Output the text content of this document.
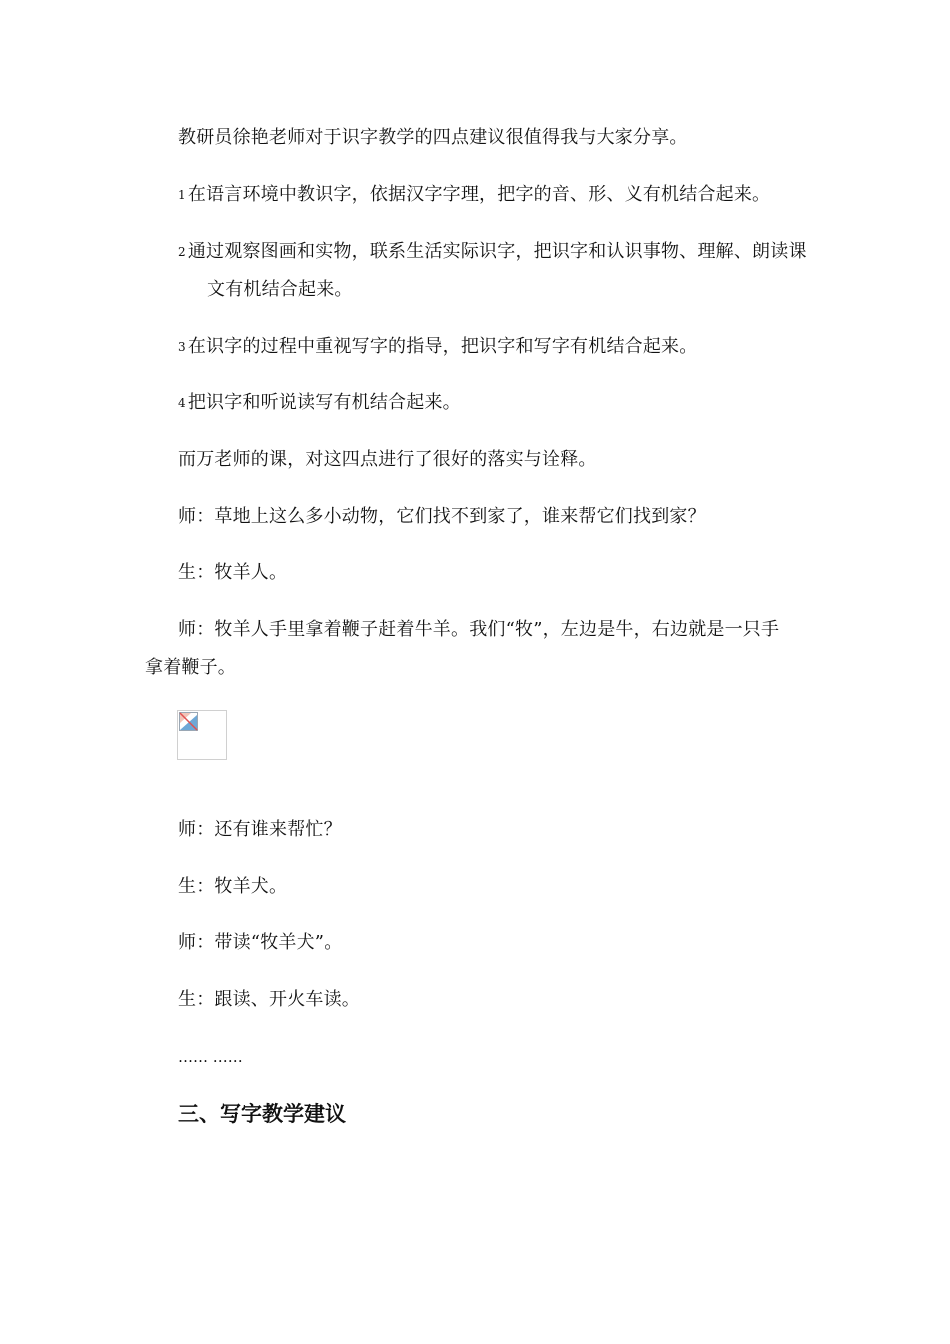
教研员徐艳老师对于识字教学的四点建议很值得我与大家分享。
1 在语言环境中教识字，依据汉字字理，把字的音、形、义有机结合起来。
2 通过观察图画和实物，联系生活实际识字，把识字和认识事物、理解、朗读课
文有机结合起来。
3 在识字的过程中重视写字的指导，把识字和写字有机结合起来。
4 把识字和听说读写有机结合起来。
而万老师的课，对这四点进行了很好的落实与诠释。
师：草地上这么多小动物，它们找不到家了，谁来帮它们找到家？
生：牧羊人。
师：牧羊人手里拿着鞭子赶着牛羊。我们“牧”，左边是牛，右边就是一只手
拿着鞭子。
师：还有谁来帮忙？
生：牧羊犬。
师：带读“牧羊犬”。
生：跟读、开火车读。
…… ……
三、写字教学建议
